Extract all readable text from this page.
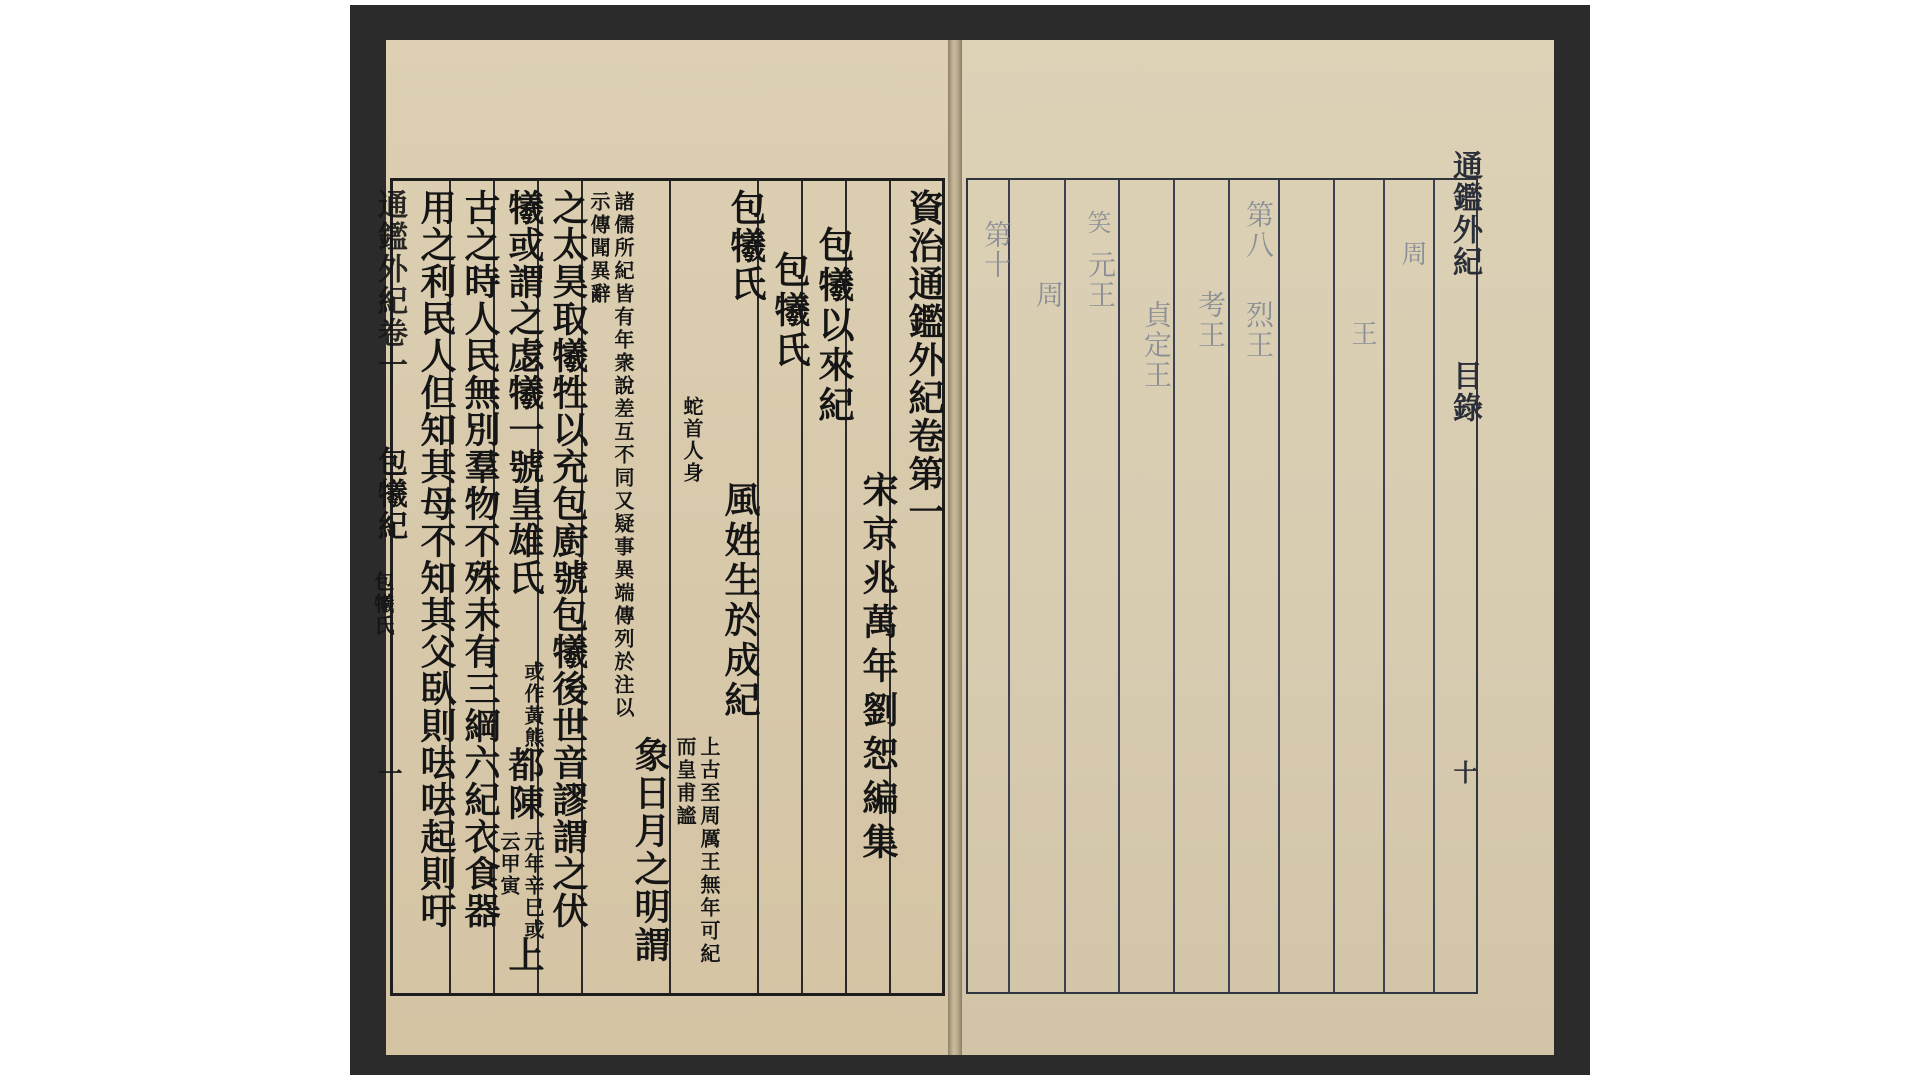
資治通鑑外紀卷第一
宋京兆萬年劉恕編集
包犧以來紀
包犧氏
包犧氏
蛇首人身
風姓生於成紀
上古至周厲王無年可紀而皇甫謐
諸儒所紀皆有年衆說差互不同又疑事異端傳列於注以示傳聞異辭
象日月之明謂
之太昊取犧牲以充包廚號包犧後世音謬謂之伏
犧或謂之虙犧一號皇雄氏
或作黃熊
都陳
元年辛巳或云甲寅
上
古之時人民無別羣物不殊未有三綱六紀衣食器
用之利民人但知其母不知其父臥則呿呿起則吁
通鑑外紀卷一
包犧紀
包犧氏
一
第十
周
笑
元王
貞定王
第八
考王 烈王
周
王
通鑑外紀
目錄
十
